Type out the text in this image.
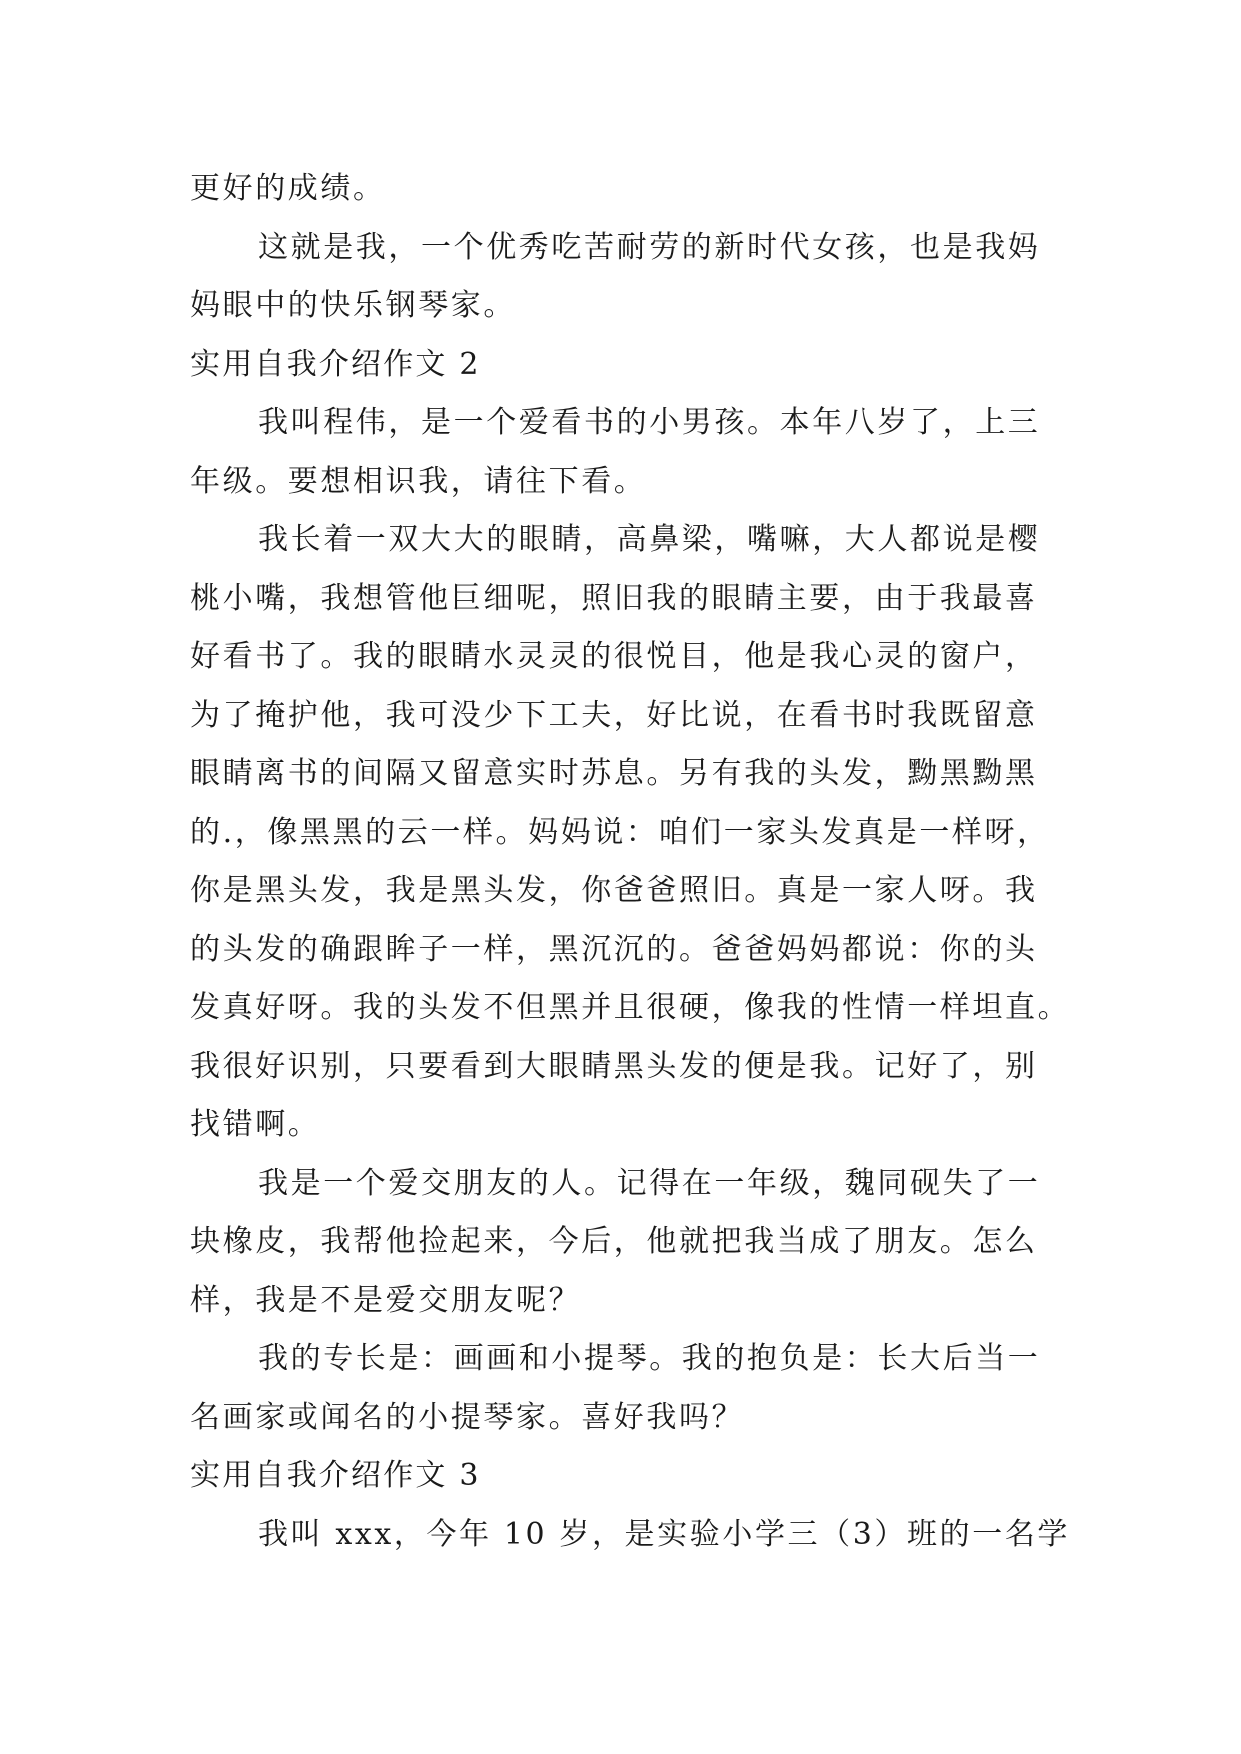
更好的成绩。
这就是我，一个优秀吃苦耐劳的新时代女孩，也是我妈
妈眼中的快乐钢琴家。
实用自我介绍作文 2
我叫程伟，是一个爱看书的小男孩。本年八岁了，上三
年级。要想相识我，请往下看。
我长着一双大大的眼睛，高鼻梁，嘴嘛，大人都说是樱
桃小嘴，我想管他巨细呢，照旧我的眼睛主要，由于我最喜
好看书了。我的眼睛水灵灵的很悦目，他是我心灵的窗户，
为了掩护他，我可没少下工夫，好比说，在看书时我既留意
眼睛离书的间隔又留意实时苏息。另有我的头发，黝黑黝黑
的.，像黑黑的云一样。妈妈说：咱们一家头发真是一样呀，
你是黑头发，我是黑头发，你爸爸照旧。真是一家人呀。我
的头发的确跟眸子一样，黑沉沉的。爸爸妈妈都说：你的头
发真好呀。我的头发不但黑并且很硬，像我的性情一样坦直。
我很好识别，只要看到大眼睛黑头发的便是我。记好了，别
找错啊。
我是一个爱交朋友的人。记得在一年级，魏同砚失了一
块橡皮，我帮他捡起来，今后，他就把我当成了朋友。怎么
样，我是不是爱交朋友呢？
我的专长是：画画和小提琴。我的抱负是：长大后当一
名画家或闻名的小提琴家。喜好我吗？
实用自我介绍作文 3
我叫 xxx，今年 10 岁，是实验小学三（3）班的一名学
